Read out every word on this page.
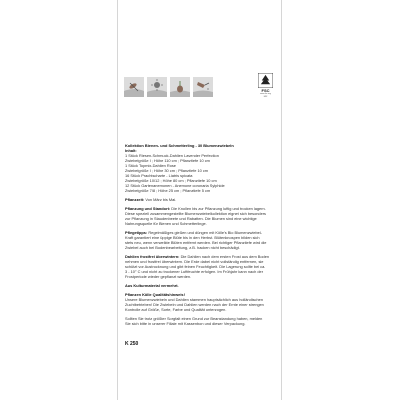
FSC
www.fsc.org
MIX

Kollektion Bienen- und Schmetterling - 30 Blumenzwiebeln

Inhalt:

1 Stück Riesen-Schmuck-Dahlien Lavender Perfection

Zwiebelgröße I ; Höhe 110 cm ; Pflanztiefe 10 cm

1 Stück Topmix-Dahlien Rose

Zwiebelgröße I ; Höhe 30 cm ; Pflanztiefe 10 cm

16 Stück Prachtscharte - Liatris spicata

Zwiebelgröße 10/12 ; Höhe 80 cm ; Pflanztiefe 10 cm

12 Stück Gartenanemonen - Anemone coronaria Sylphide

Zwiebelgröße 7/8 ; Höhe 25 cm ; Pflanztiefe 5 cm

Pflanzzeit: Von März bis Mai.

Pflanzung und Standort: Die Knollen bis zur Pflanzung luftig und trocken lagern.

Diese speziell zusammengestellte Blumenzwiebelkollektion eignet sich besonders

zur Pflanzung in Staudenbeete und Rabatten. Die Blumen sind eine wichtige

Nahrungsquelle für Bienen und Schmetterlinge.

Pflegetipps: Regelmäßiges gießen und düngen mit Kölle's Bio Blumenzwiebel-

Kraft garantiert eine üppige Blüte bis in den Herbst. Blütenknospen bilden sich

stets neu, wenn verwelkte Blüten entfernt werden. Bei richtiger Pflanztiefe wird die

Zwiebel auch bei Bodenbearbeitung, z.B. hacken nicht beschädigt.

Dahlien frostfrei überwintern: Die Dahlien nach dem ersten Frost aus dem Boden

nehmen und frostfrei überwintern. Die Erde dabei nicht vollständig entfernen, sie

schützt vor Austrocknung und gibt feinen Feuchtigkeit. Die Lagerung sollte bei ca.

3 - 10° C und nicht zu trockener Luftfeuchte erfolgen. Im Frühjahr kann nach der

Frostperiode wieder gepflanzt werden.

Aus Kulturmaterial vermehrt.

Pflanzen Kölle Qualitätshinweis!

Unsere Blumenzwiebeln und Dahlien stammen hauptsächlich aus holländischen

Zuchtbetrieben! Die Zwiebeln und Dahlien werden nach der Ernte einer strengen

Kontrolle auf Größe, Sorte, Farbe und Qualität unterzogen.

Sollten Sie trotz größter Sorgfalt einen Grund zur Beanstandung haben, melden

Sie sich bitte in unserer Filiale mit Kassenbon und dieser Verpackung.

K 250
